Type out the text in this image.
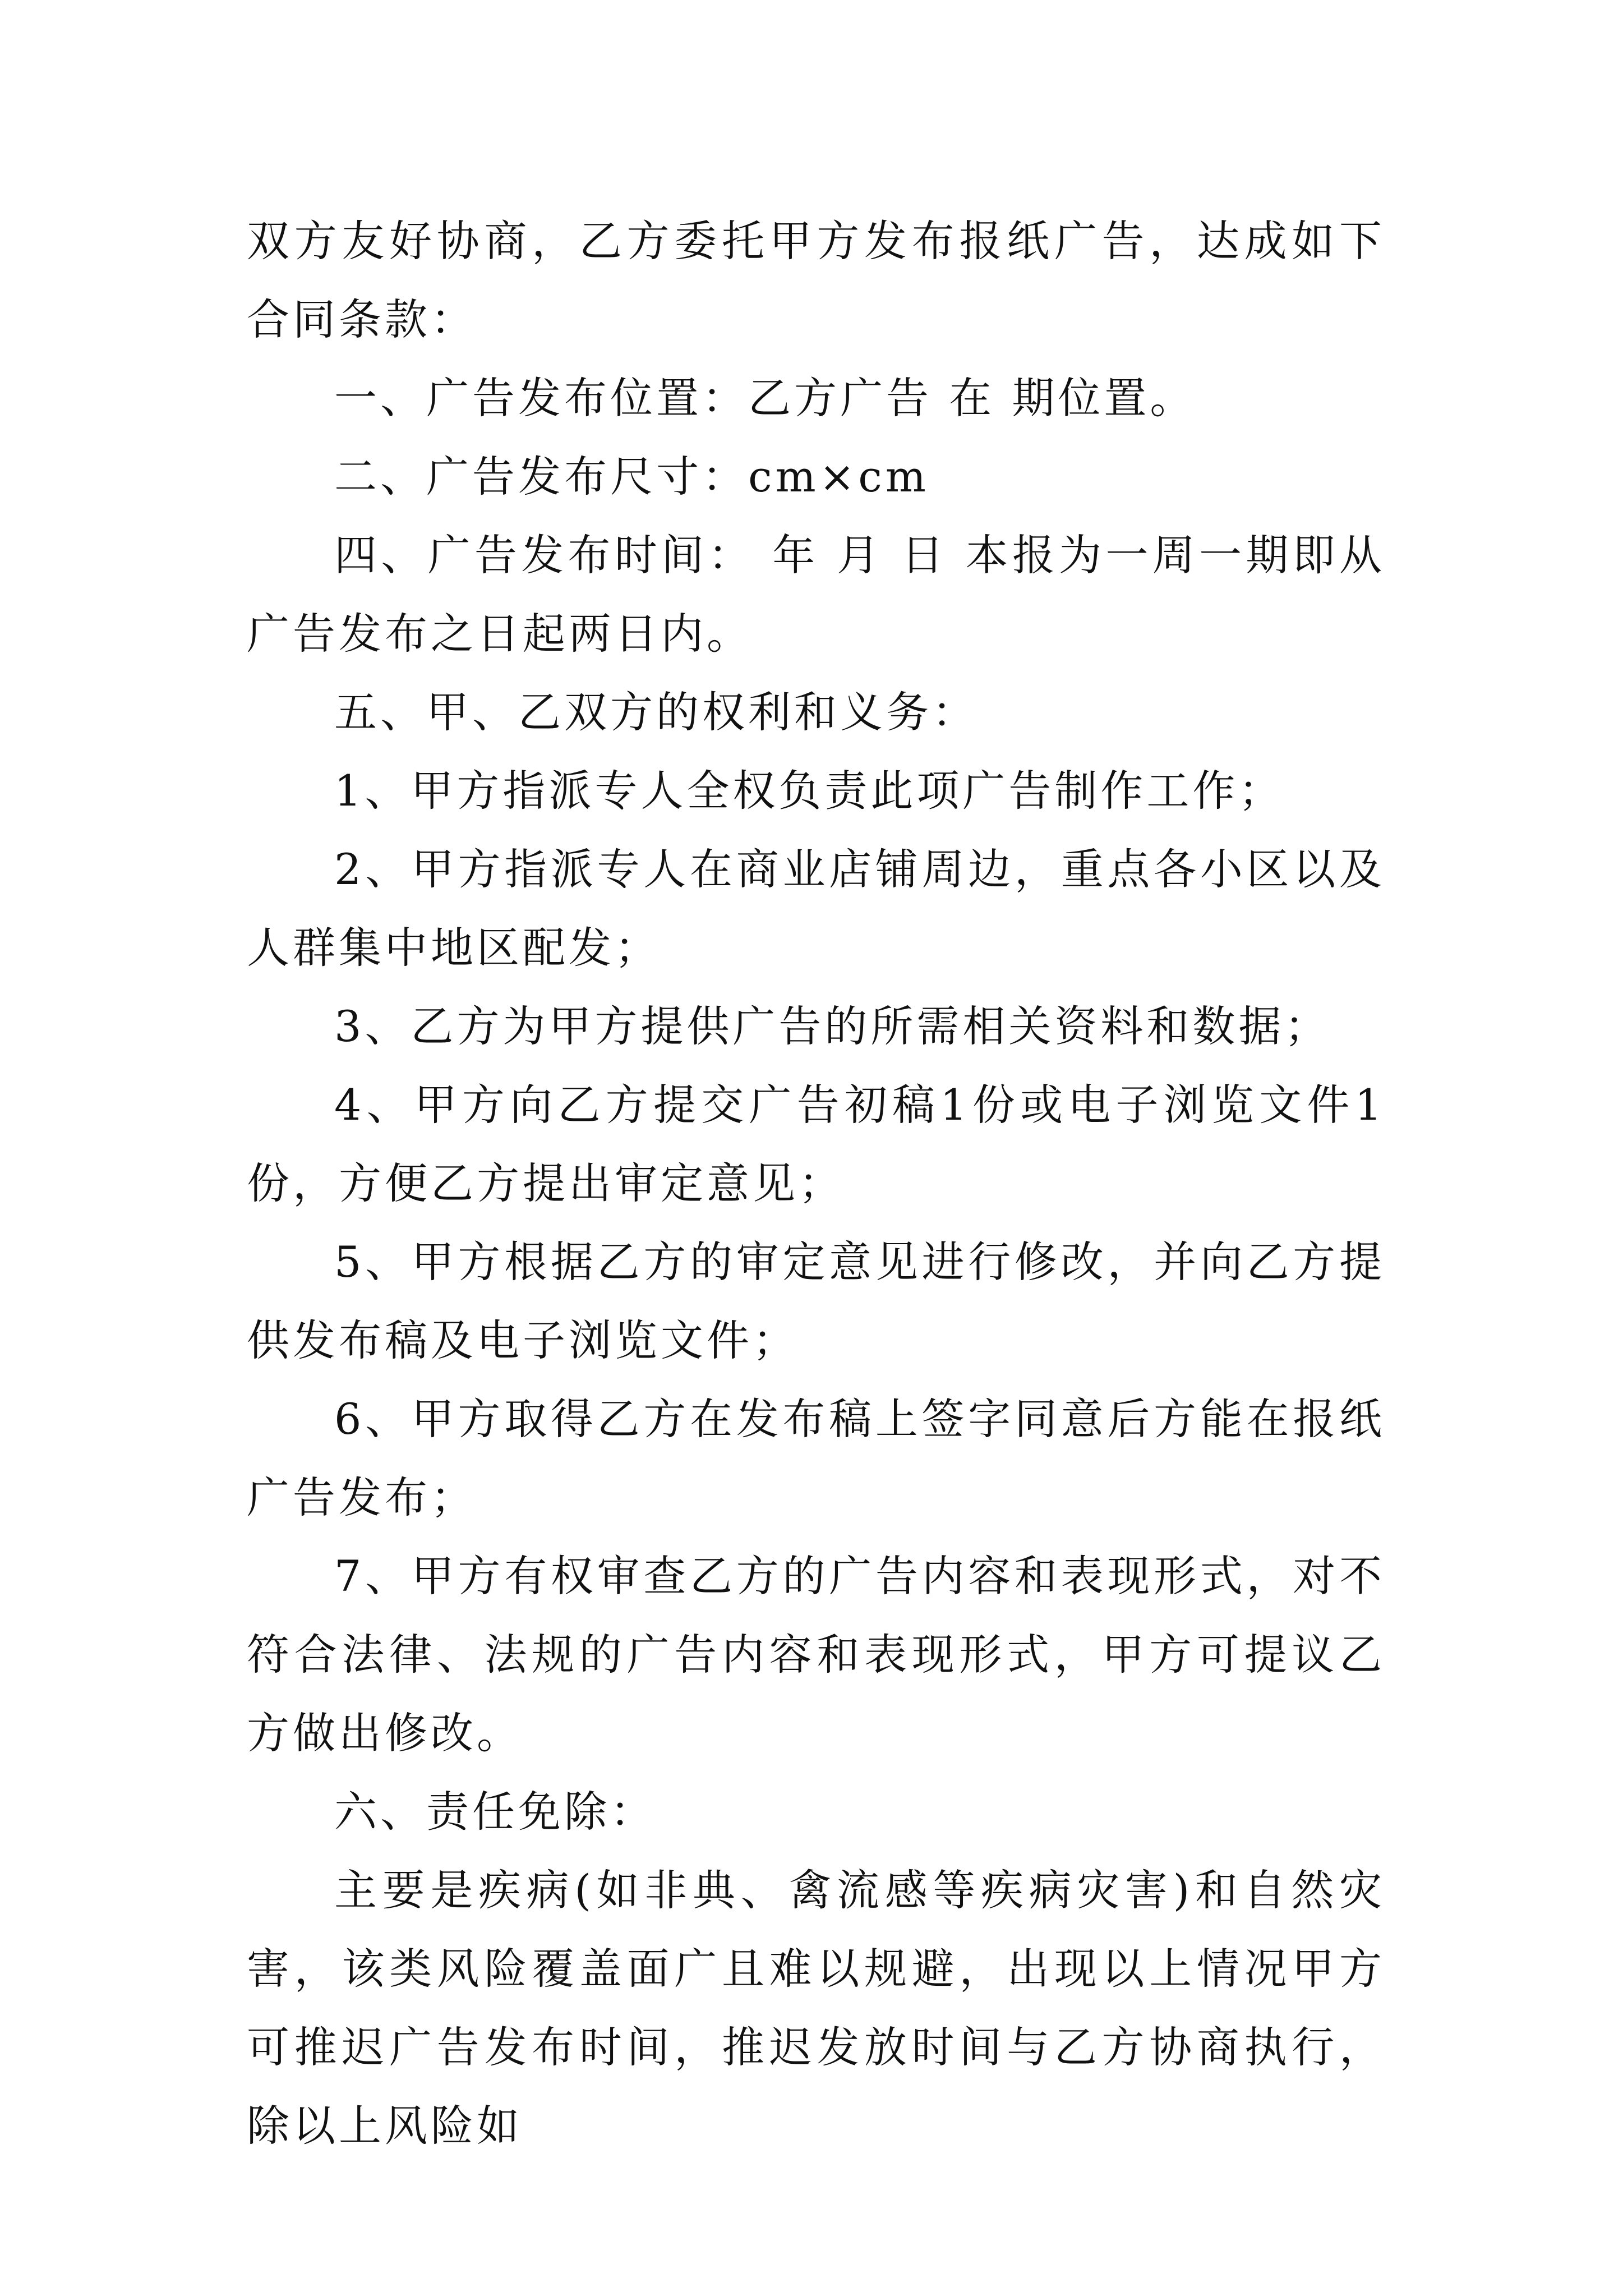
双方友好协商，乙方委托甲方发布报纸广告，达成如下合同条款：

一、广告发布位置：乙方广告 在 期位置。

二、广告发布尺寸：cm×cm

四、广告发布时间： 年 月 日 本报为一周一期即从广告发布之日起两日内。

五、甲、乙双方的权利和义务：

1、甲方指派专人全权负责此项广告制作工作；

2、甲方指派专人在商业店铺周边，重点各小区以及人群集中地区配发；

3、乙方为甲方提供广告的所需相关资料和数据；

4、甲方向乙方提交广告初稿1份或电子浏览文件1份，方便乙方提出审定意见；

5、甲方根据乙方的审定意见进行修改，并向乙方提供发布稿及电子浏览文件；

6、甲方取得乙方在发布稿上签字同意后方能在报纸广告发布；

7、甲方有权审查乙方的广告内容和表现形式，对不符合法律、法规的广告内容和表现形式，甲方可提议乙方做出修改。

六、责任免除：

主要是疾病(如非典、禽流感等疾病灾害)和自然灾害，该类风险覆盖面广且难以规避，出现以上情况甲方可推迟广告发布时间，推迟发放时间与乙方协商执行，除以上风险如
